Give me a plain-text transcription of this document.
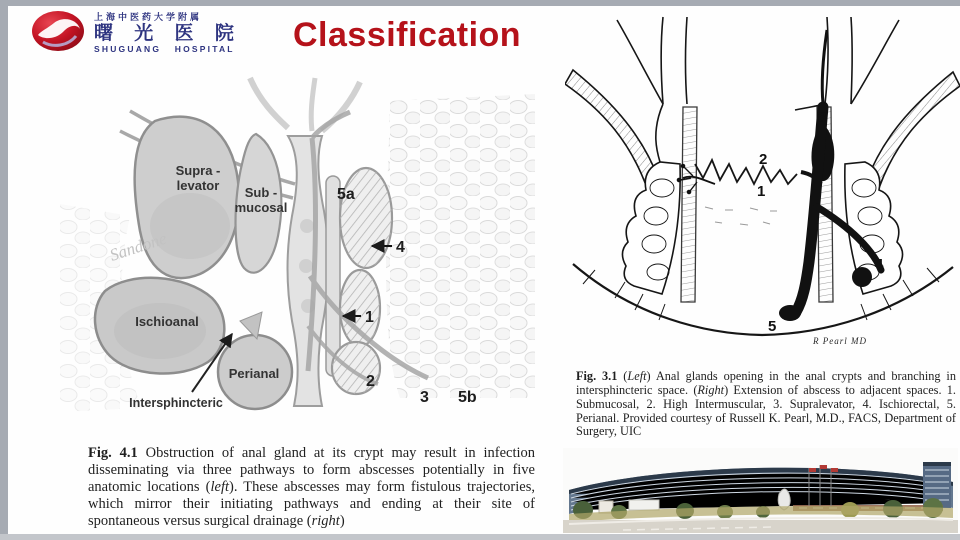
上海中医药大学附属
曙 光 医 院
SHUGUANG HOSPITAL Classification
Supra -
levator Sub -
mucosal
Ischioanal
Perianal
Intersphincteric
Sandone
5a
4
1
2
3 5b

Fig. 4.1 Obstruction of anal gland at its crypt may result in infection disseminating via three pathways to form abscesses potentially in five anatomic locations (left). These abscesses may form fistulous trajectories, which mirror their initiating pathways and ending at their site of spontaneous versus surgical drainage (right)

3
2
1
4
5
R Pearl MD

Fig. 3.1 (Left) Anal glands opening in the anal crypts and branching in intersphincteric space. (Right) Extension of abscess to adjacent spaces. 1. Submucosal, 2. High Intermuscular, 3. Supralevator, 4. Ischiorectal, 5. Perianal. Provided courtesy of Russell K. Pearl, M.D., FACS, Department of Surgery, UIC
